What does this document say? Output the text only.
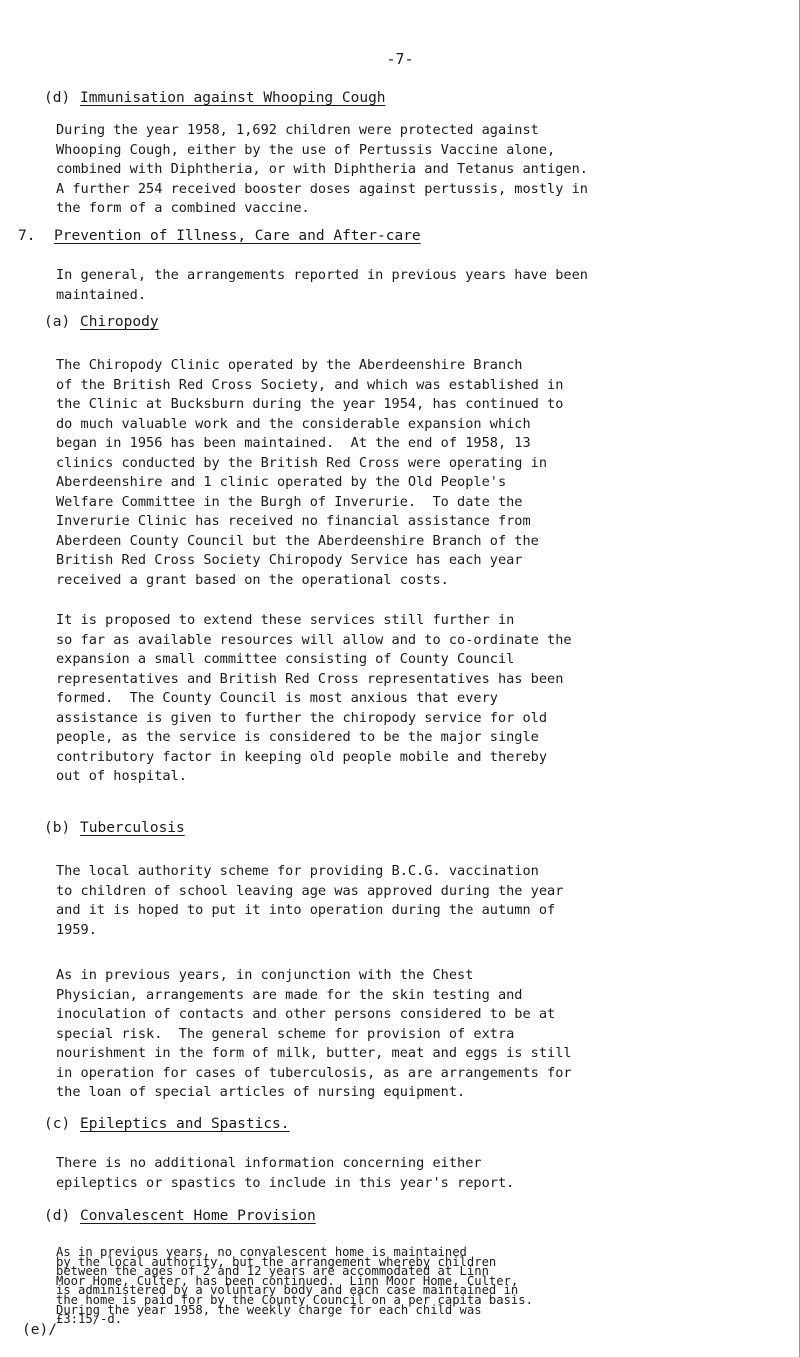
-7-
(d) Immunisation against Whooping Cough
During the year 1958, 1,692 children were protected against
Whooping Cough, either by the use of Pertussis Vaccine alone,
combined with Diphtheria, or with Diphtheria and Tetanus antigen.
A further 254 received booster doses against pertussis, mostly in
the form of a combined vaccine.
7. Prevention of Illness, Care and After-care
In general, the arrangements reported in previous years have been
maintained.
(a) Chiropody
The Chiropody Clinic operated by the Aberdeenshire Branch
of the British Red Cross Society, and which was established in
the Clinic at Bucksburn during the year 1954, has continued to
do much valuable work and the considerable expansion which
began in 1956 has been maintained.  At the end of 1958, 13
clinics conducted by the British Red Cross were operating in
Aberdeenshire and 1 clinic operated by the Old People's
Welfare Committee in the Burgh of Inverurie.  To date the
Inverurie Clinic has received no financial assistance from
Aberdeen County Council but the Aberdeenshire Branch of the
British Red Cross Society Chiropody Service has each year
received a grant based on the operational costs.
It is proposed to extend these services still further in
so far as available resources will allow and to co-ordinate the
expansion a small committee consisting of County Council
representatives and British Red Cross representatives has been
formed.  The County Council is most anxious that every
assistance is given to further the chiropody service for old
people, as the service is considered to be the major single
contributory factor in keeping old people mobile and thereby
out of hospital.
(b) Tuberculosis
The local authority scheme for providing B.C.G. vaccination
to children of school leaving age was approved during the year
and it is hoped to put it into operation during the autumn of
1959.
As in previous years, in conjunction with the Chest
Physician, arrangements are made for the skin testing and
inoculation of contacts and other persons considered to be at
special risk.  The general scheme for provision of extra
nourishment in the form of milk, butter, meat and eggs is still
in operation for cases of tuberculosis, as are arrangements for
the loan of special articles of nursing equipment.
(c) Epileptics and Spastics.
There is no additional information concerning either
epileptics or spastics to include in this year's report.
(d) Convalescent Home Provision
As in previous years, no convalescent home is maintained
by the local authority, but the arrangement whereby children
between the ages of 2 and 12 years are accommodated at Linn
Moor Home, Culter, has been continued.  Linn Moor Home, Culter,
is administered by a voluntary body and each case maintained in
the home is paid for by the County Council on a per capita basis.
During the year 1958, the weekly charge for each child was
£3:15/-d.
(e)/
